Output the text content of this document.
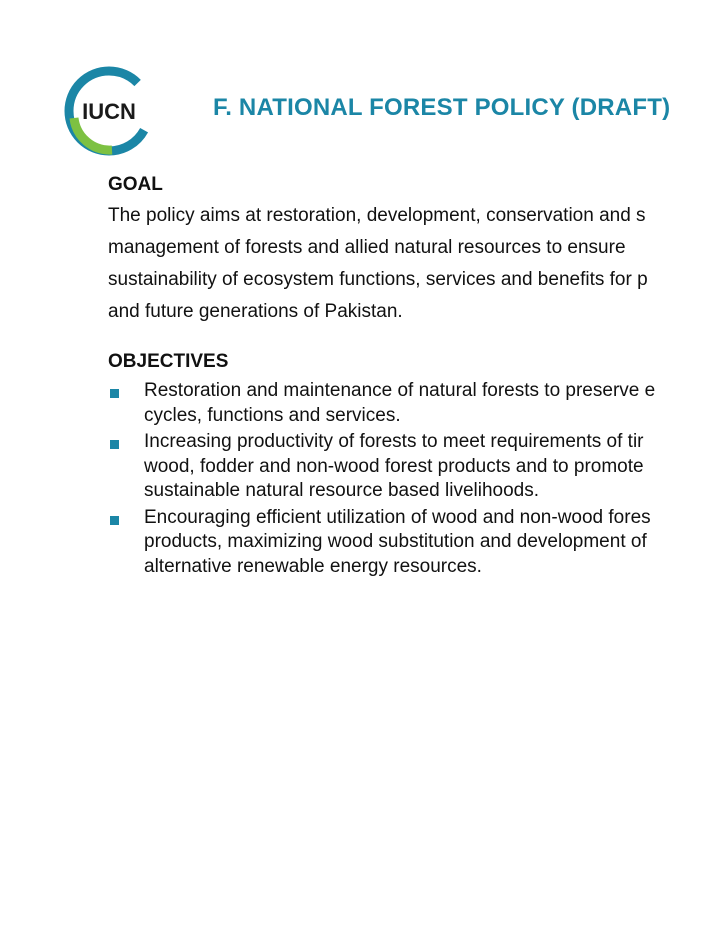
IUCN	F. NATIONAL FOREST POLICY (DRAFT)
GOAL
The policy aims at restoration, development, conservation and s
management of forests and allied natural resources to ensure
sustainability of ecosystem functions, services and benefits for p
and future generations of Pakistan.
OBJECTIVES
Restoration and maintenance of natural forests to preserve e
cycles, functions and services.
Increasing productivity of forests to meet requirements of tir
wood, fodder and non-wood forest products and to promote
sustainable natural resource based livelihoods.
Encouraging efficient utilization of wood and non-wood fores
products, maximizing wood substitution and development of
alternative renewable energy resources.
